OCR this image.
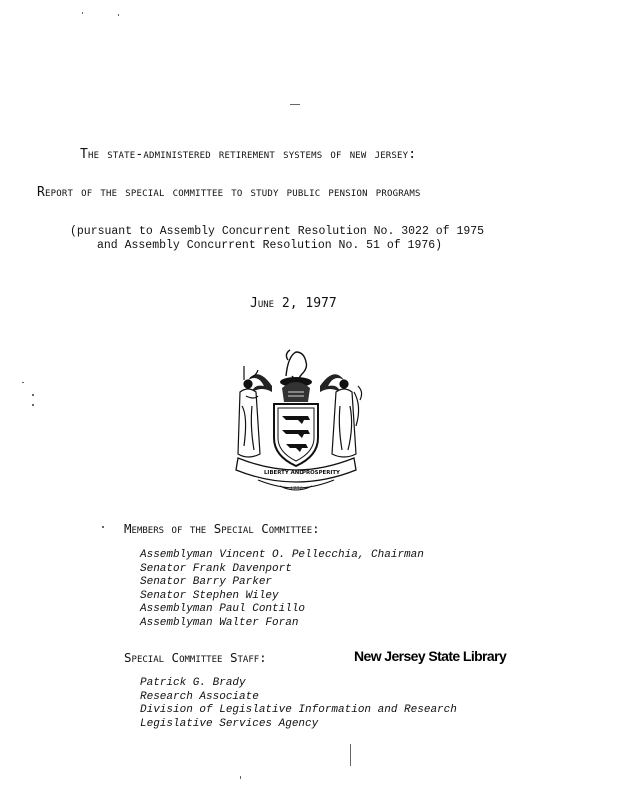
The state-administered retirement systems of new jersey:
Report of the special committee to study public pension programs
(pursuant to Assembly Concurrent Resolution No. 3022 of 1975
and Assembly Concurrent Resolution No. 51 of 1976)
June 2, 1977
LIBERTY AND
PROSPERITY
1776
Members of the Special Committee:
Assemblyman Vincent O. Pellecchia, Chairman
Senator Frank Davenport
Senator Barry Parker
Senator Stephen Wiley
Assemblyman Paul Contillo
Assemblyman Walter Foran
Special Committee Staff:	New Jersey State Library
Patrick G. Brady
Research Associate
Division of Legislative Information and Research
Legislative Services Agency
